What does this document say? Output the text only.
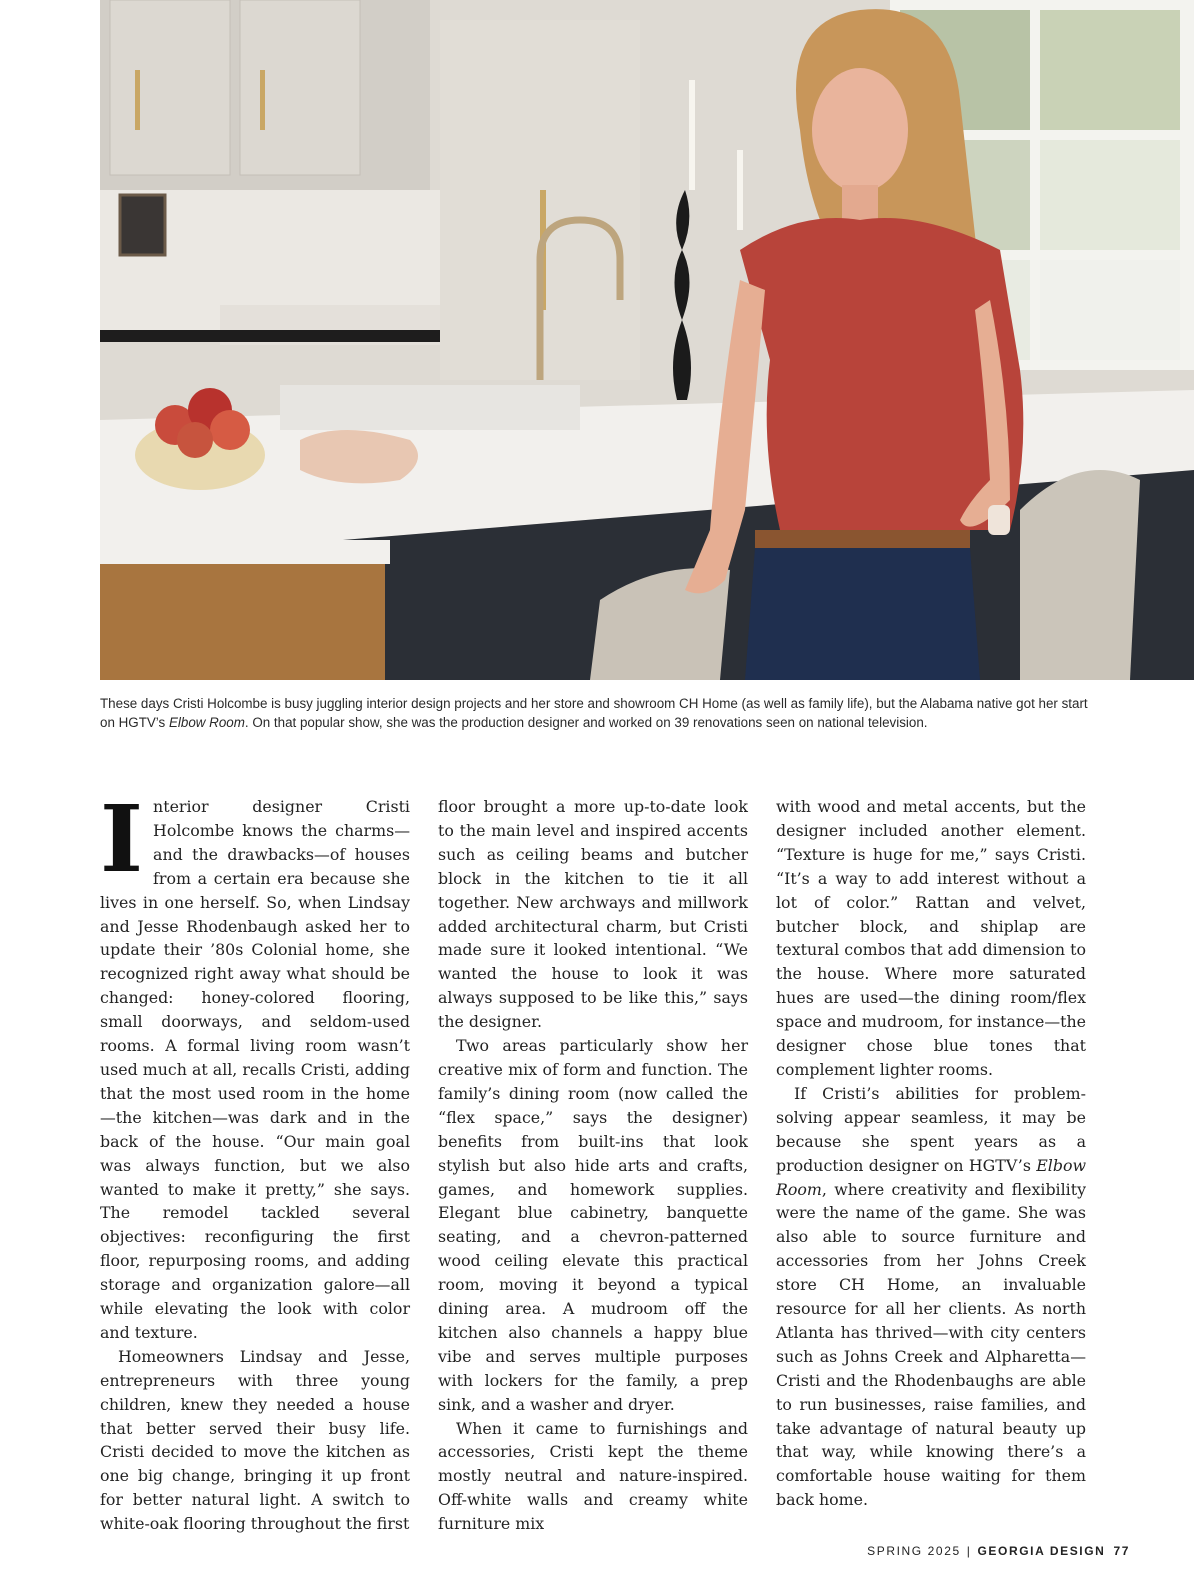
These days Cristi Holcombe is busy juggling interior design projects and her store and showroom CH Home (as well as family life), but the Alabama native got her start on HGTV’s Elbow Room. On that popular show, she was the production designer and worked on 39 renovations seen on national television.

Interior designer Cristi Holcombe knows the charms—and the drawbacks—of houses from a certain era because she lives in one herself. So, when Lindsay and Jesse Rhodenbaugh asked her to update their ’80s Colonial home, she recognized right away what should be changed: honey-colored flooring, small doorways, and seldom-used rooms. A formal living room wasn’t used much at all, recalls Cristi, adding that the most used room in the home—the kitchen—was dark and in the back of the house. “Our main goal was always function, but we also wanted to make it pretty,” she says. The remodel tackled several objectives: reconfiguring the first floor, repurposing rooms, and adding storage and organization galore—all while elevating the look with color and texture.

Homeowners Lindsay and Jesse, entrepreneurs with three young children, knew they needed a house that better served their busy life. Cristi decided to move the kitchen as one big change, bringing it up front for better natural light. A switch to white-oak flooring throughout the first

floor brought a more up-to-date look to the main level and inspired accents such as ceiling beams and butcher block in the kitchen to tie it all together. New archways and millwork added architectural charm, but Cristi made sure it looked intentional. “We wanted the house to look it was always supposed to be like this,” says the designer.

Two areas particularly show her creative mix of form and function. The family’s dining room (now called the “flex space,” says the designer) benefits from built-ins that look stylish but also hide arts and crafts, games, and homework supplies. Elegant blue cabinetry, banquette seating, and a chevron-patterned wood ceiling elevate this practical room, moving it beyond a typical dining area. A mudroom off the kitchen also channels a happy blue vibe and serves multiple purposes with lockers for the family, a prep sink, and a washer and dryer.

When it came to furnishings and accessories, Cristi kept the theme mostly neutral and nature-inspired. Off-white walls and creamy white furniture mix

with wood and metal accents, but the designer included another element. “Texture is huge for me,” says Cristi. “It’s a way to add interest without a lot of color.” Rattan and velvet, butcher block, and shiplap are textural combos that add dimension to the house. Where more saturated hues are used—the dining room/flex space and mudroom, for instance—the designer chose blue tones that complement lighter rooms.

If Cristi’s abilities for problem-solving appear seamless, it may be because she spent years as a production designer on HGTV’s Elbow Room, where creativity and flexibility were the name of the game. She was also able to source furniture and accessories from her Johns Creek store CH Home, an invaluable resource for all her clients. As north Atlanta has thrived—with city centers such as Johns Creek and Alpharetta—Cristi and the Rhodenbaughs are able to run businesses, raise families, and take advantage of natural beauty up that way, while knowing there’s a comfortable house waiting for them back home.

SPRING 2025 | GEORGIA DESIGN 77
